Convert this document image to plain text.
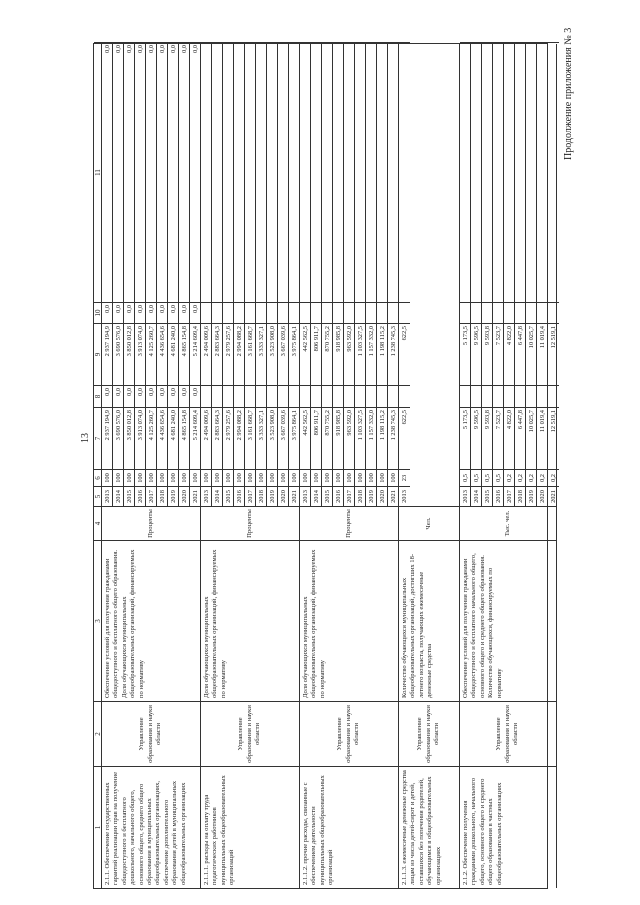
13
Продолжение приложения № 3
1
2
3
4
5
6
7
8
9
10
11
2.1.1. Обеспечение государственных гарантий реализации прав на получение общедоступного и бесплатного дошкольного, начального общего, основного общего, среднего общего образования в муниципальных общеобразовательных организациях, обеспечение дополнительного образования детей в муниципальных общеобразовательных организациях
Управление образования и науки области
Обеспечение условий для получения гражданами общедоступного и бесплатного общего образования. Доля обучающихся муниципальных общеобразовательных организаций, финансируемых по нормативу
Проценты
2013
100
2 937 194,9
0,0
2 937 194,9
0,0
0,0
2014
100
3 690 576,0
0,0
3 690 576,0
0,0
0,0
2015
100
3 850 012,8
0,0
3 850 012,8
0,0
0,0
2016
100
3 913 074,0
0,0
3 913 074,0
0,0
0,0
2017
100
4 125 260,7
0,0
4 125 260,7
0,0
0,0
2018
100
4 436 654,6
0,0
4 436 654,6
0,0
0,0
2019
100
4 681 240,0
0,0
4 681 240,0
0,0
0,0
2020
100
4 865 154,8
0,0
4 865 154,8
0,0
0,0
2021
100
5 214 609,4
0,0
5 214 609,4
0,0
0,0
2.1.1.1. расходы на оплату труда педагогических работников муниципальных общеобразовательных организаций
Управление образования и науки области
Доля обучающихся муниципальных общеобразовательных организаций, финансируемых по нормативу
Проценты
2013
100
2 494 009,6
2 494 009,6
2014
100
2 883 664,3
2 883 664,3
2015
100
2 979 257,6
2 979 257,6
2016
100
2 994 088,2
2 994 088,2
2017
100
3 161 668,7
3 161 668,7
2018
100
3 333 327,1
3 333 327,1
2019
100
3 523 908,0
3 523 908,0
2020
100
3 667 039,6
3 667 039,6
2021
100
3 975 864,1
3 975 864,1
2.1.1.2. прочие расходы, связанные с обеспечением деятельности муниципальных общеобразовательных организаций
Управление образования и науки области
Доля обучающихся муниципальных общеобразовательных организаций, финансируемых по нормативу
Проценты
2013
100
442 562,5
442 562,5
2014
100
806 911,7
806 911,7
2015
100
870 755,2
870 755,2
2016
100
918 985,8
918 985,8
2017
100
963 592,0
963 592,0
2018
100
1 103 327,5
1 103 327,5
2019
100
1 157 332,0
1 157 332,0
2020
100
1 198 115,2
1 198 115,2
2021
100
1 238 745,3
1 238 745,3
2.1.1.3. ежемесячные денежные средства лицам из числа детей-сирот и детей, оставшихся без попечения родителей, обучающимся в общеобразовательных организациях
Управление образования и науки области
Количество обучающихся муниципальных общеобразовательных организаций, достигших 18-летнего возраста, получающих ежемесячные денежные средства
Чел.
2013
23
622,5
622,5
2.1.2. Обеспечение получения гражданами дошкольного, начального общего, основного общего и среднего общего образования в частных общеобразовательных организациях
Управление образования и науки области
Обеспечение условий для получения гражданами общедоступного и бесплатного начального общего, основного общего и среднего общего образования. Количество обучающихся, финансируемых по нормативу
Тыс. чел.
2013
0,5
5 173,5
5 173,5
2014
0,5
9 596,5
9 596,5
2015
0,5
9 593,8
9 593,8
2016
0,5
7 523,7
7 523,7
2017
0,2
4 822,0
4 822,0
2018
0,2
6 447,8
6 447,8
2019
0,2
10 025,7
10 025,7
2020
0,2
11 019,4
11 019,4
2021
0,2
12 519,1
12 519,1
